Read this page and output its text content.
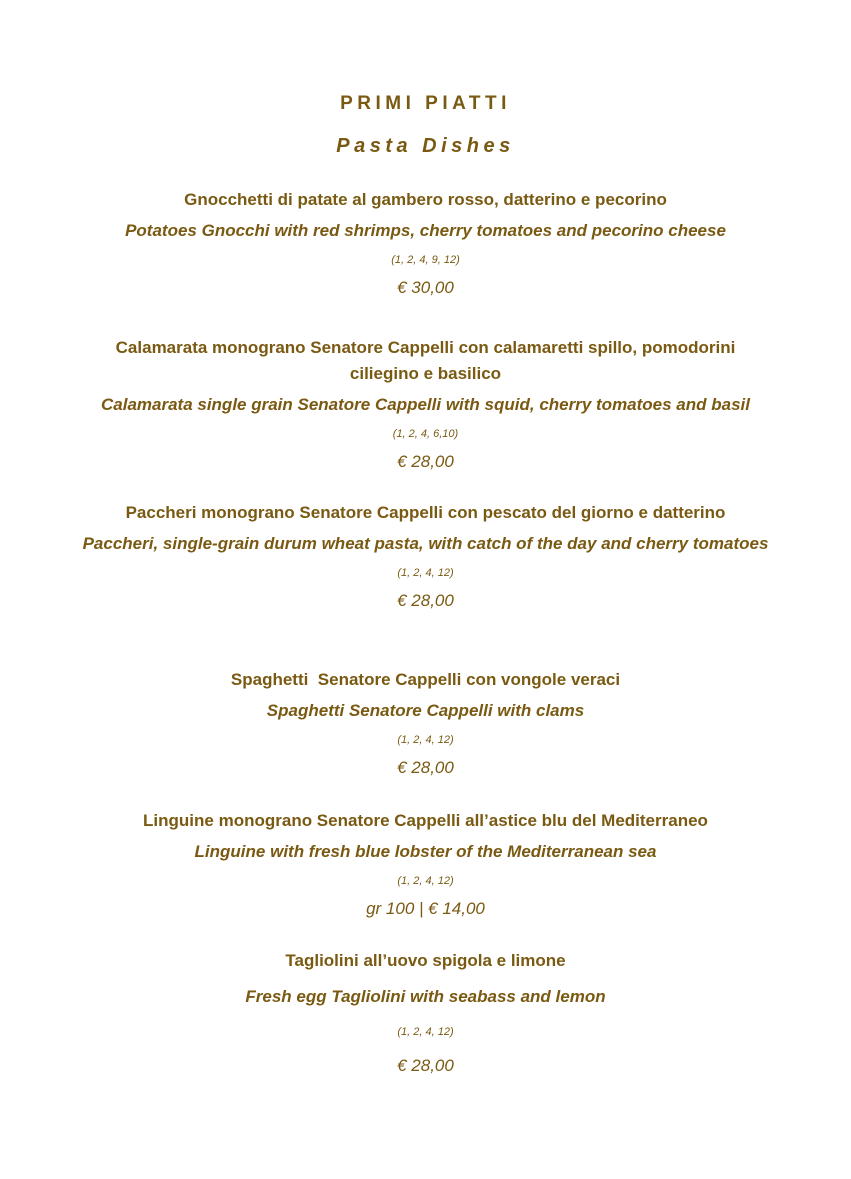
PRIMI PIATTI
Pasta Dishes
Gnocchetti di patate al gambero rosso, datterino e pecorino
Potatoes Gnocchi with red shrimps, cherry tomatoes and pecorino cheese
(1, 2, 4, 9, 12)
€ 30,00
Calamarata monograno Senatore Cappelli con calamaretti spillo, pomodorini ciliegino e basilico
Calamarata single grain Senatore Cappelli with squid, cherry tomatoes and basil
(1, 2, 4, 6,10)
€ 28,00
Paccheri monograno Senatore Cappelli con pescato del giorno e datterino
Paccheri, single-grain durum wheat pasta, with catch of the day and cherry tomatoes
(1, 2, 4, 12)
€ 28,00
Spaghetti  Senatore Cappelli con vongole veraci
Spaghetti Senatore Cappelli with clams
(1, 2, 4, 12)
€ 28,00
Linguine monograno Senatore Cappelli all’astice blu del Mediterraneo
Linguine with fresh blue lobster of the Mediterranean sea
(1, 2, 4, 12)
gr 100 | € 14,00
Tagliolini all’uovo spigola e limone
Fresh egg Tagliolini with seabass and lemon
(1, 2, 4, 12)
€ 28,00
